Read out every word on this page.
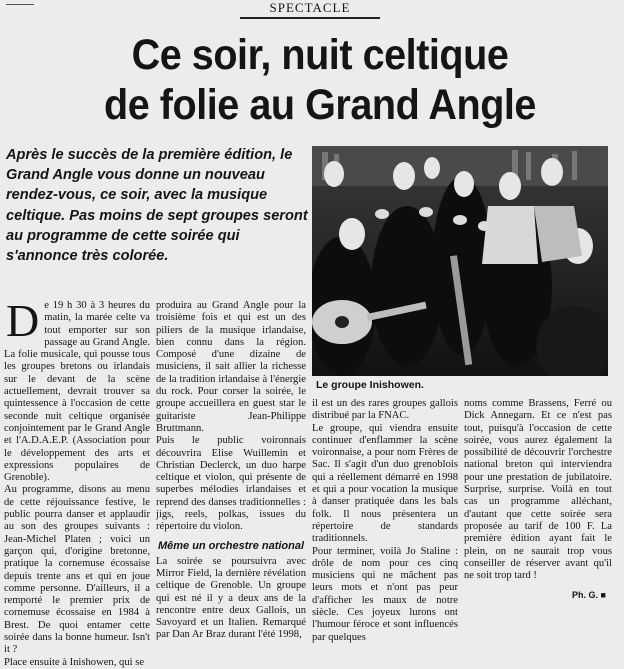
SPECTACLE
Ce soir, nuit celtique
de folie au Grand Angle
Après le succès de la première édition, le Grand Angle vous donne un nouveau rendez-vous, ce soir, avec la musique celtique. Pas moins de sept groupes seront au programme de cette soirée qui s'annonce très colorée.
Le groupe Inishowen.
D e 19 h 30 à 3 heures du matin, la marée celte va tout emporter sur son passage au Grand Angle. La folie musicale, qui pousse tous les groupes bretons ou irlandais sur le devant de la scène actuellement, devrait trouver sa quintessence à l'occasion de cette seconde nuit celtique organisée conjointement par le Grand Angle et l'A.D.A.E.P. (Association pour le développement des arts et expressions populaires de Grenoble).

Au programme, disons au menu de cette réjouissance festive, le public pourra danser et applaudir au son des groupes suivants : Jean-Michel Platen ; voici un garçon qui, d'origine bretonne, pratique la cornemuse écossaise depuis trente ans et qui en joue comme personne. D'ailleurs, il a remporté le premier prix de cornemuse écossaise en 1984 à Brest. De quoi entamer cette soirée dans la bonne humeur. Isn't it ?

Place ensuite à Inishowen, qui se

produira au Grand Angle pour la troisième fois et qui est un des piliers de la musique irlandaise, bien connu dans la région. Composé d'une dizaine de musiciens, il sait allier la richesse de la tradition irlandaise à l'énergie du rock. Pour corser la soirée, le groupe accueillera en guest star le guitariste Jean-Philippe Bruttmann.

Puis le public voironnais découvrira Elise Wuillemin et Christian Declerck, un duo harpe celtique et violon, qui présente de superbes mélodies irlandaises et reprend des danses traditionnelles : jigs, reels, polkas, issues du répertoire du violon.

Même un orchestre national

La soirée se poursuivra avec Mirror Field, la dernière révélation celtique de Grenoble. Un groupe qui est né il y a deux ans de la rencontre entre deux Gallois, un Savoyard et un Italien. Remarqué par Dan Ar Braz durant l'été 1998,

il est un des rares groupes gallois distribué par la FNAC.

Le groupe, qui viendra ensuite continuer d'enflammer la scène voironnaise, a pour nom Frères de Sac. Il s'agit d'un duo grenoblois qui a réellement démarré en 1998 et qui a pour vocation la musique à danser pratiquée dans les bals folk. Il nous présentera un répertoire de standards traditionnels.

Pour terminer, voilà Jo Staline : drôle de nom pour ces cinq musiciens qui ne mâchent pas leurs mots et n'ont pas peur d'afficher les maux de notre siècle. Ces joyeux lurons ont l'humour féroce et sont influencés par quelques

noms comme Brassens, Ferré ou Dick Annegarn. Et ce n'est pas tout, puisqu'à l'occasion de cette soirée, vous aurez également la possibilité de découvrir l'orchestre national breton qui interviendra pour une prestation de jubilatoire. Surprise, surprise. Voilà en tout cas un programme alléchant, d'autant que cette soirée sera proposée au tarif de 100 F. La première édition ayant fait le plein, on ne saurait trop vous conseiller de réserver avant qu'il ne soit trop tard !

Ph. G. ■
